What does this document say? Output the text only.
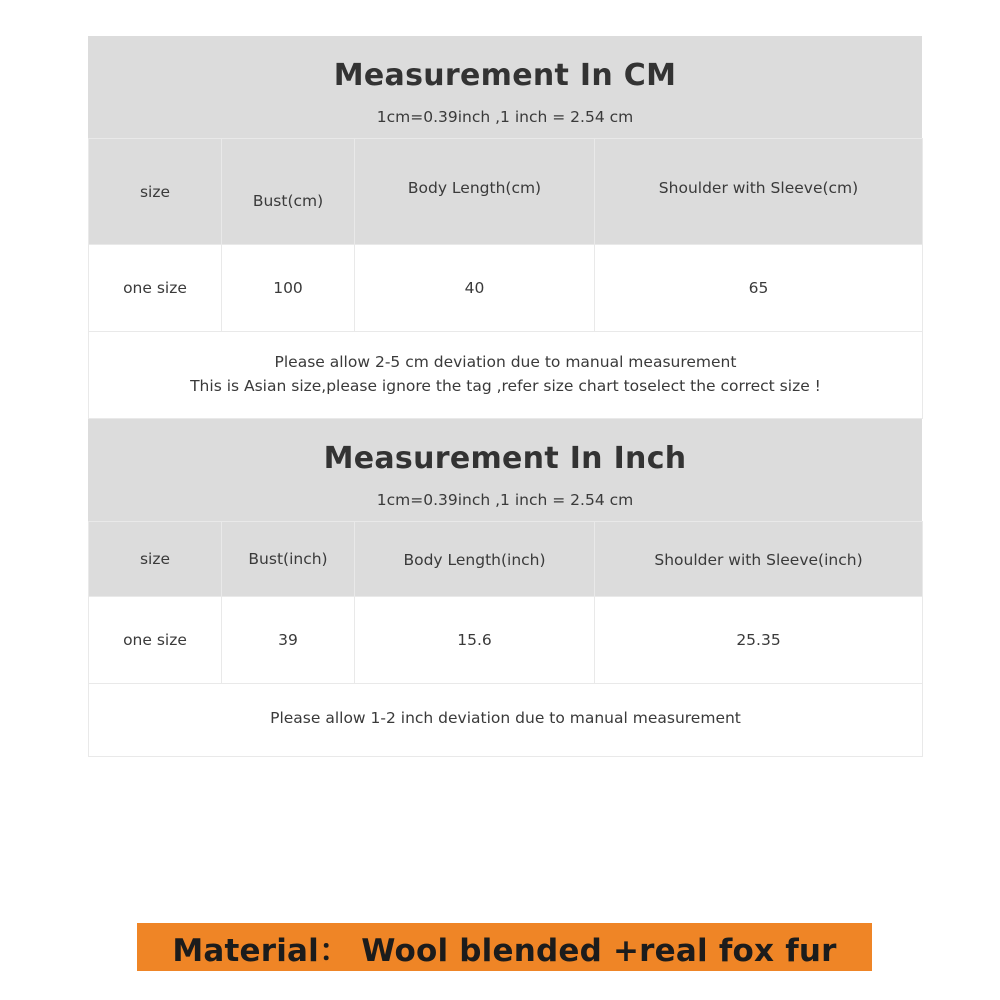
Measurement In CM
1cm=0.39inch ,1 inch = 2.54 cm
size	Bust(cm)	Body Length(cm)	Shoulder with Sleeve(cm)
one size	100	40	65

Please allow 2-5 cm deviation due to manual measurement
This is Asian size,please ignore the tag ,refer size chart toselect the correct size !			
Measurement In Inch
1cm=0.39inch ,1 inch = 2.54 cm
size	Bust(inch)	Body Length(inch)	Shoulder with Sleeve(inch)
one size	39	15.6	25.35

Please allow 1-2 inch deviation due to manual measurement			
Material： Wool blended +real fox fur
